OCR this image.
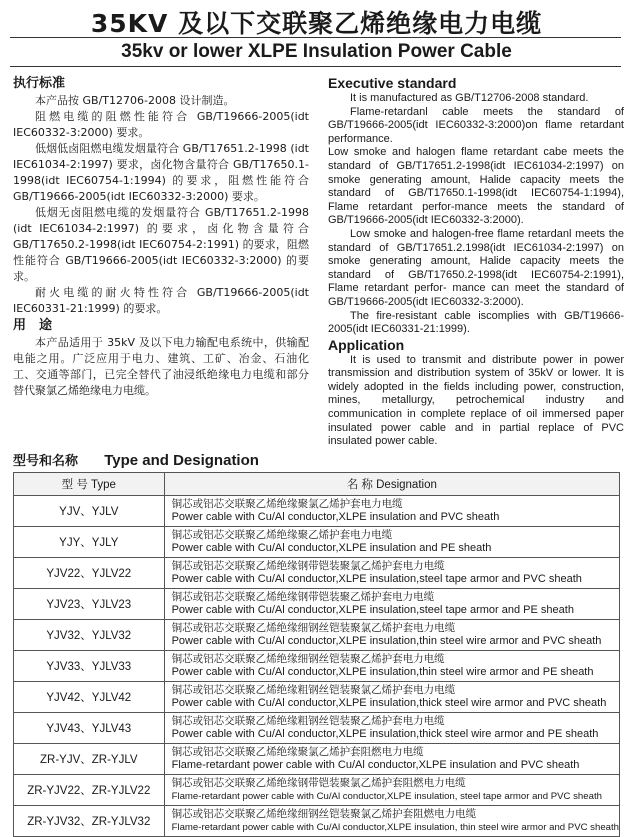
35KV 及以下交联聚乙烯绝缘电力电缆
35kv or lower XLPE Insulation Power Cable

执行标准

本产品按 GB/T12706-2008 设计制造。

阻燃电缆的阻燃性能符合 GB/T19666-2005(idt IEC60332-3:2000) 要求。

低烟低卤阻燃电缆发烟量符合 GB/T17651.2-1998 (idt IEC61034-2:1997) 要求，卤化物含量符合 GB/T17650.1-1998(idt IEC60754-1:1994) 的要求，阻燃性能符合 GB/T19666-2005(idt IEC60332-3:2000) 要求。

低烟无卤阻燃电缆的发烟量符合 GB/T17651.2-1998 (idt IEC61034-2:1997) 的要求，卤化物含量符合 GB/T17650.2-1998(idt IEC60754-2:1991) 的要求，阻燃性能符合 GB/T19666-2005(idt IEC60332-3:2000) 的要求。

耐火电缆的耐火特性符合 GB/T19666-2005(idt IEC60331-21:1999) 的要求。

用　途

本产品适用于 35kV 及以下电力输配电系统中，供输配电能之用。广泛应用于电力、建筑、工矿、冶金、石油化工、交通等部门，已完全替代了油浸纸绝缘电力电缆和部分替代聚氯乙烯绝缘电力电缆。

Executive standard

It is manufactured as GB/T12706-2008 standard.

Flame-retardanl cable meets the standard of GB/T19666-2005(idt IEC60332-3:2000)on flame retardant performance.

Low smoke and halogen flame retardant cabe meets the standard of GB/T17651.2-1998(idt IEC61034-2:1997) on smoke generating amount, Halide capacity meets the standard of GB/T17650.1-1998(idt IEC60754-1:1994), Flame retardant perfor-mance meets the standard of GB/T19666-2005(idt IEC60332-3:2000).

Low smoke and halogen-free flame retardanl meets the standard of GB/T17651.2.1998(idt IEC61034-2:1997) on smoke generating amount, Halide capacity meets the standard of GB/T17650.2-1998(idt IEC60754-2:1991), Flame retardant perfor- mance can meet the standard of GB/T19666-2005(idt IEC60332-3:2000).

The fire-resistant cable iscomplies with GB/T19666-2005(idt IEC60331-21:1999).

Application

It is used to transmit and distribute power in power transmission and distribution system of 35kV or lower. It is widely adopted in the fields including power, construction, mines, metallurgy, petrochemical industry and communication in complete replace of oil immersed paper insulated power cable and in partial replace of PVC insulated power cable.

型号和名称 Type and Designation
型 号 Type	名 称 Designation
YJV、YJLV	铜芯或铝芯交联聚乙烯绝缘聚氯乙烯护套电力电缆
Power cable with Cu/Al conductor,XLPE insulation and PVC sheath

YJY、YJLY	铜芯或铝芯交联聚乙烯绝缘聚乙烯护套电力电缆
Power cable with Cu/Al conductor,XLPE insulation and PE sheath

YJV22、YJLV22	铜芯或铝芯交联聚乙烯绝缘钢带铠装聚氯乙烯护套电力电缆
Power cable with Cu/Al conductor,XLPE insulation,steel tape armor and PVC sheath

YJV23、YJLV23	铜芯或铝芯交联聚乙烯绝缘钢带铠装聚乙烯护套电力电缆
Power cable with Cu/Al conductor,XLPE insulation,steel tape armor and PE sheath

YJV32、YJLV32	铜芯或铝芯交联聚乙烯绝缘细钢丝铠装聚氯乙烯护套电力电缆
Power cable with Cu/Al conductor,XLPE insulation,thin steel wire armor and PVC sheath

YJV33、YJLV33	铜芯或铝芯交联聚乙烯绝缘细钢丝铠装聚乙烯护套电力电缆
Power cable with Cu/Al conductor,XLPE insulation,thin steel wire armor and PE sheath

YJV42、YJLV42	铜芯或铝芯交联聚乙烯绝缘粗钢丝铠装聚氯乙烯护套电力电缆
Power cable with Cu/Al conductor,XLPE insulation,thick steel wire armor and PVC sheath

YJV43、YJLV43	铜芯或铝芯交联聚乙烯绝缘粗钢丝铠装聚乙烯护套电力电缆
Power cable with Cu/Al conductor,XLPE insulation,thick steel wire armor and PE sheath

ZR-YJV、ZR-YJLV	铜芯或铝芯交联聚乙烯绝缘聚氯乙烯护套阻燃电力电缆
Flame-retardant power cable with Cu/Al conductor,XLPE insulation and PVC sheath

ZR-YJV22、ZR-YJLV22	铜芯或铝芯交联聚乙烯绝缘钢带铠装聚氯乙烯护套阻燃电力电缆
Flame-retardant power cable with Cu/Al conductor,XLPE insulation, steel tape armor and PVC sheath

ZR-YJV32、ZR-YJLV32	铜芯或铝芯交联聚乙烯绝缘细钢丝铠装聚氯乙烯护套阻燃电力电缆
Flame-retardant power cable with Cu/Al conductor,XLPE insulation, thin steel wire armor and PVC sheath
